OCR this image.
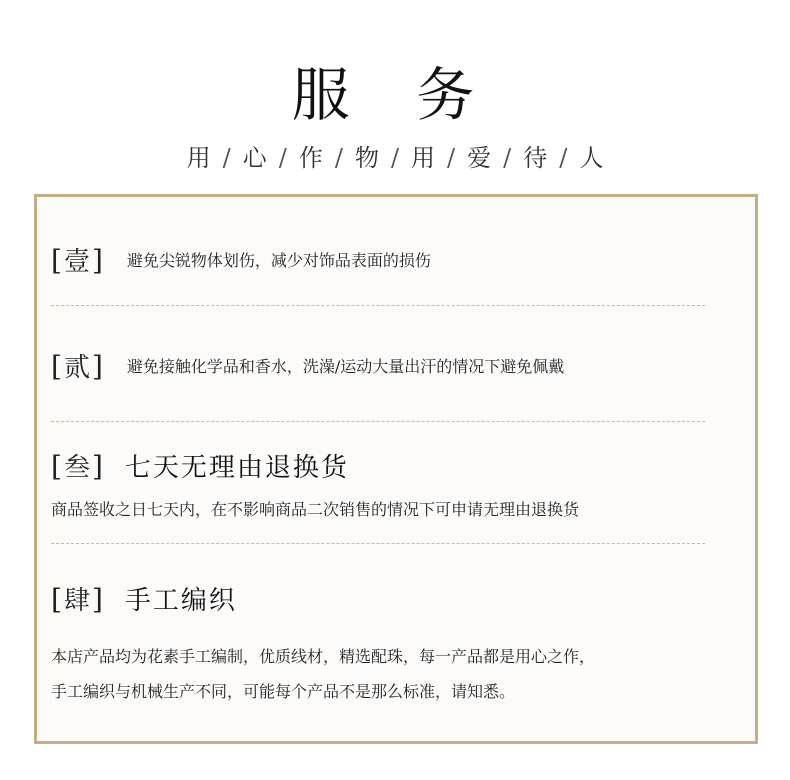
服 务
用 / 心 / 作 / 物 / 用 / 爱 / 待 / 人
[壹] 避免尖锐物体划伤，减少对饰品表面的损伤
[贰] 避免接触化学品和香水，洗澡/运动大量出汗的情况下避免佩戴
[叁] 七天无理由退换货
商品签收之日七天内，在不影响商品二次销售的情况下可申请无理由退换货
[肆] 手工编织
本店产品均为花素手工编制，优质线材，精选配珠，每一产品都是用心之作，
手工编织与机械生产不同，可能每个产品不是那么标准，请知悉。
